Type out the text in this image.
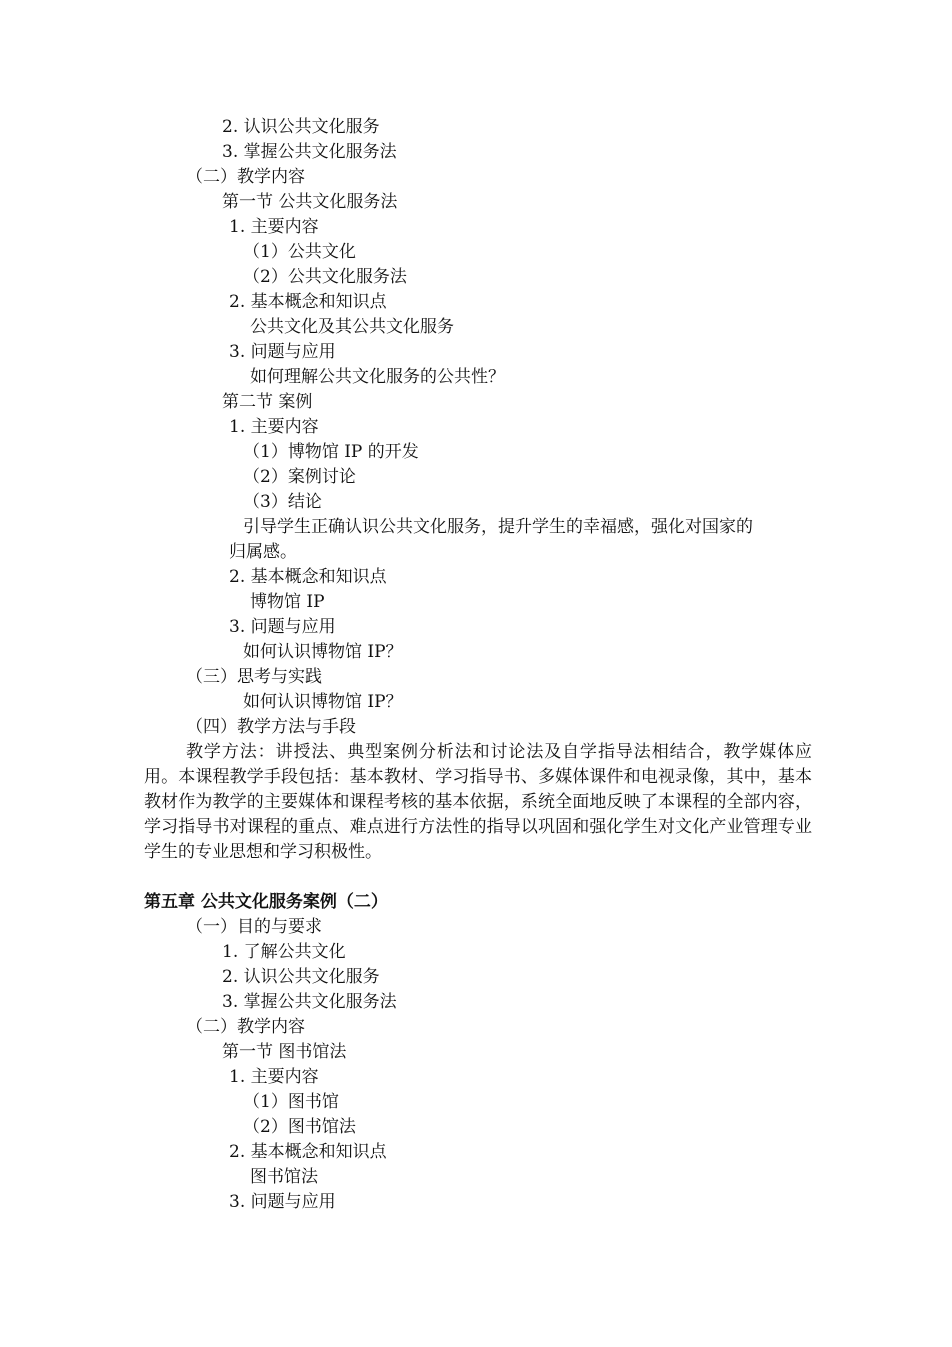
2. 认识公共文化服务
3. 掌握公共文化服务法
（二）教学内容
第一节 公共文化服务法
1. 主要内容
（1）公共文化
（2）公共文化服务法
2. 基本概念和知识点
公共文化及其公共文化服务
3. 问题与应用
如何理解公共文化服务的公共性？
第二节 案例
1. 主要内容
（1）博物馆 IP 的开发
（2）案例讨论
（3）结论
引导学生正确认识公共文化服务，提升学生的幸福感，强化对国家的
归属感。
2. 基本概念和知识点
博物馆 IP
3. 问题与应用
如何认识博物馆 IP？
（三）思考与实践
如何认识博物馆 IP？
（四）教学方法与手段
教学方法：讲授法、典型案例分析法和讨论法及自学指导法相结合，教学媒体应用。本课程教学手段包括：基本教材、学习指导书、多媒体课件和电视录像，其中，基本教材作为教学的主要媒体和课程考核的基本依据，系统全面地反映了本课程的全部内容，学习指导书对课程的重点、难点进行方法性的指导以巩固和强化学生对文化产业管理专业学生的专业思想和学习积极性。
第五章 公共文化服务案例（二）
（一）目的与要求
1. 了解公共文化
2. 认识公共文化服务
3. 掌握公共文化服务法
（二）教学内容
第一节 图书馆法
1. 主要内容
（1）图书馆
（2）图书馆法
2. 基本概念和知识点
图书馆法
3. 问题与应用
